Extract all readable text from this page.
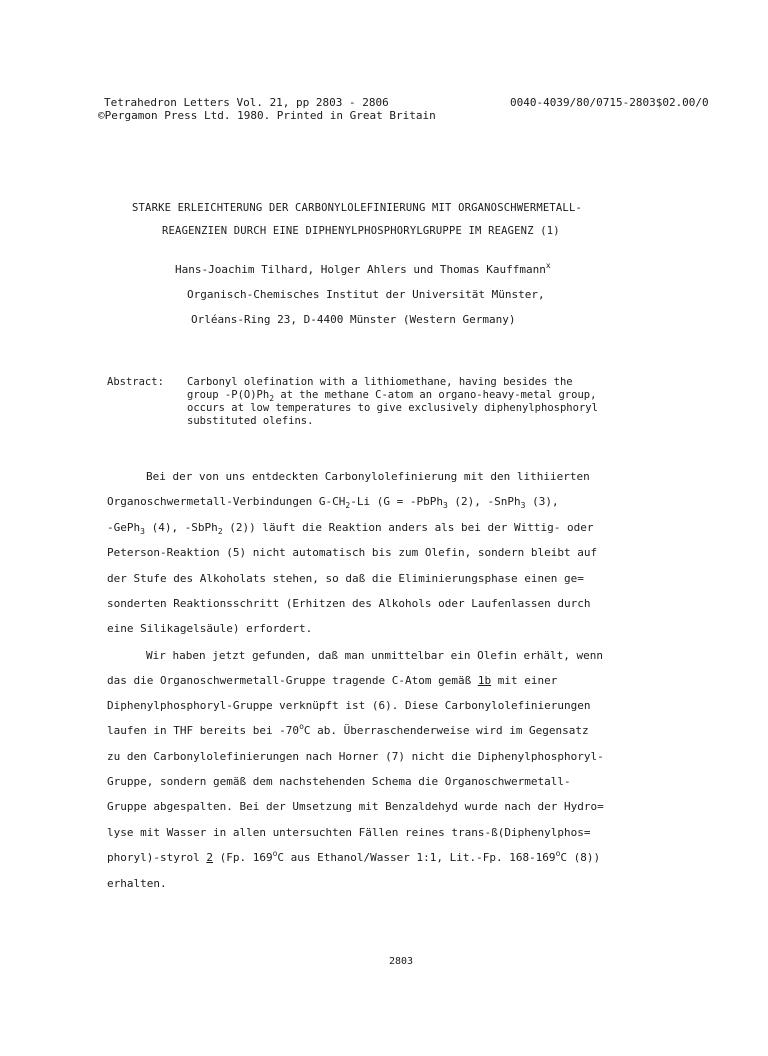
Tetrahedron Letters Vol. 21, pp 2803 - 2806
©Pergamon Press Ltd. 1980. Printed in Great Britain
0040-4039/80/0715-2803$02.00/0
STARKE ERLEICHTERUNG DER CARBONYLOLEFINIERUNG MIT ORGANOSCHWERMETALL-
REAGENZIEN DURCH EINE DIPHENYLPHOSPHORYLGRUPPE IM REAGENZ (1)
Hans-Joachim Tilhard, Holger Ahlers und Thomas Kauffmann$^x$
Organisch-Chemisches Institut der Universität Münster,
Orléans-Ring 23, D-4400 Münster (Western Germany)
Abstract: Carbonyl olefination with a lithiomethane, having besides the
group $-P(O)Ph_2$ at the methane C-atom an organo-heavy-metal group,
occurs at low temperatures to give exclusively diphenylphosphoryl
substituted olefins.
Bei der von uns entdeckten Carbonylolefinierung mit den lithiierten
Organoschwermetall-Verbindungen $G-CH_2-Li$ (G = -PbPh$_3$ (2), -SnPh$_3$ (3),
-GePh$_3$ (4), -SbPh$_2$ (2)) läuft die Reaktion anders als bei der Wittig- oder
Peterson-Reaktion (5) nicht automatisch bis zum Olefin, sondern bleibt auf
der Stufe des Alkoholats stehen, so daß die Eliminierungsphase einen ge=
sonderten Reaktionsschritt (Erhitzen des Alkohols oder Laufenlassen durch
eine Silikagelsäule) erfordert.
Wir haben jetzt gefunden, daß man unmittelbar ein Olefin erhält, wenn
das die Organoschwermetall-Gruppe tragende C-Atom gemäß 1b mit einer
Diphenylphosphoryl-Gruppe verknüpft ist (6). Diese Carbonylolefinierungen
laufen in THF bereits bei -70$^o$C ab. Überraschenderweise wird im Gegensatz
zu den Carbonylolefinierungen nach Horner (7) nicht die Diphenylphosphoryl-
Gruppe, sondern gemäß dem nachstehenden Schema die Organoschwermetall-
Gruppe abgespalten. Bei der Umsetzung mit Benzaldehyd wurde nach der Hydro=
lyse mit Wasser in allen untersuchten Fällen reines trans-ß(Diphenylphos=
phoryl)-styrol 2 (Fp. 169$^o$C aus Ethanol/Wasser 1:1, Lit.-Fp. 168-169$^o$C (8))
erhalten.
2803
